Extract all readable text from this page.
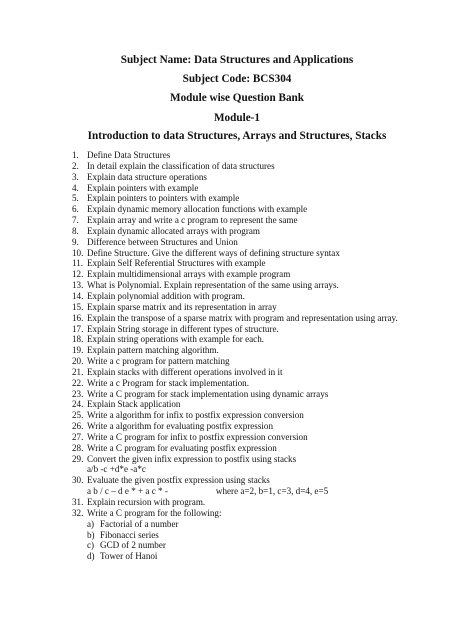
Subject Name: Data Structures and Applications
Subject Code: BCS304
Module wise Question Bank
Module-1
Introduction to data Structures, Arrays and Structures, Stacks
1. Define Data Structures
2. In detail explain the classification of data structures
3. Explain data structure operations
4. Explain pointers with example
5. Explain pointers to pointers with example
6. Explain dynamic memory allocation functions with example
7. Explain array and write a c program to represent the same
8. Explain dynamic allocated arrays with program
9. Difference between Structures and Union
10. Define Structure. Give the different ways of defining structure syntax
11. Explain Self Referential Structures with example
12. Explain multidimensional arrays with example program
13. What is Polynomial. Explain representation of the same using arrays.
14. Explain polynomial addition with program.
15. Explain sparse matrix and its representation in array
16. Explain the transpose of a sparse matrix with program and representation using array.
17. Explain String storage in different types of structure.
18. Explain string operations with example for each.
19. Explain pattern matching algorithm.
20. Write a c program for pattern matching
21. Explain stacks with different operations involved in it
22. Write a c Program for stack implementation.
23. Write a C program for stack implementation using dynamic arrays
24. Explain Stack application
25. Write a algorithm for infix to postfix expression conversion
26. Write a algorithm for evaluating postfix expression
27. Write a C program for infix to postfix expression conversion
28. Write a C program for evaluating postfix expression
29. Convert the given infix expression to postfix using stacks
a/b -c +d*e -a*c
30. Evaluate the given postfix expression using stacks
a b / c – d e * + a c * -	where a=2, b=1, c=3, d=4, e=5
31. Explain recursion with program.
32. Write a C program for the following:
a) Factorial of a number
b) Fibonacci series
c) GCD of 2 number
d) Tower of Hanoi
